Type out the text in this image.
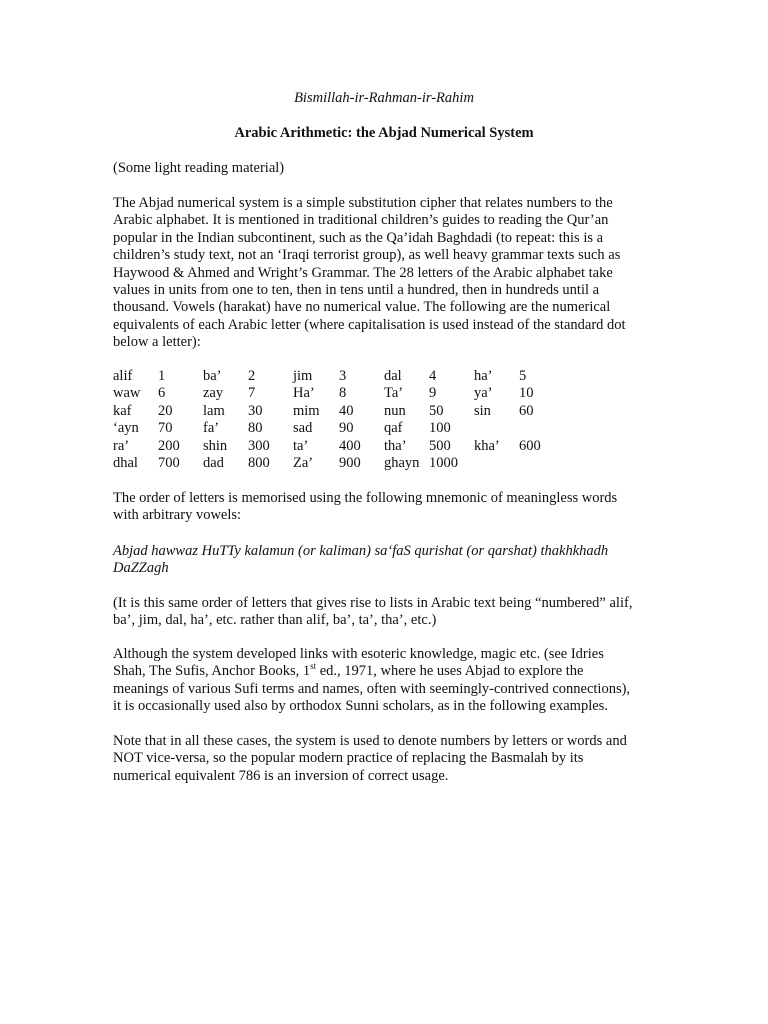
Bismillah-ir-Rahman-ir-Rahim
Arabic Arithmetic: the Abjad Numerical System
(Some light reading material)
The Abjad numerical system is a simple substitution cipher that relates numbers to the
Arabic alphabet. It is mentioned in traditional children’s guides to reading the Qur’an
popular in the Indian subcontinent, such as the Qa’idah Baghdadi (to repeat: this is a
children’s study text, not an ‘Iraqi terrorist group), as well heavy grammar texts such as
Haywood & Ahmed and Wright’s Grammar. The 28 letters of the Arabic alphabet take
values in units from one to ten, then in tens until a hundred, then in hundreds until a
thousand. Vowels (harakat) have no numerical value. The following are the numerical
equivalents of each Arabic letter (where capitalisation is used instead of the standard dot
below a letter):
alif 1	ba’ 2	jim 3	dal 4	ha’ 5
waw 6	zay 7	Ha’ 8	Ta’ 9	ya’ 10
kaf 20 lam 30 mim 40 nun 50 sin 60
‘ayn 70 fa’ 80 sad 90 qaf 100
ra’ 200 shin 300 ta’ 400 tha’ 500 kha’ 600
dhal 700 dad 800 Za’ 900 ghayn 1000
The order of letters is memorised using the following mnemonic of meaningless words
with arbitrary vowels:
Abjad hawwaz HuTTy kalamun (or kaliman) sa‘faS qurishat (or qarshat) thakhkhadh
DaZZagh
(It is this same order of letters that gives rise to lists in Arabic text being “numbered” alif,
ba’, jim, dal, ha’, etc. rather than alif, ba’, ta’, tha’, etc.)
Although the system developed links with esoteric knowledge, magic etc. (see Idries
Shah, The Sufis, Anchor Books, 1st ed., 1971, where he uses Abjad to explore the
meanings of various Sufi terms and names, often with seemingly-contrived connections),
it is occasionally used also by orthodox Sunni scholars, as in the following examples.
Note that in all these cases, the system is used to denote numbers by letters or words and
NOT vice-versa, so the popular modern practice of replacing the Basmalah by its
numerical equivalent 786 is an inversion of correct usage.
